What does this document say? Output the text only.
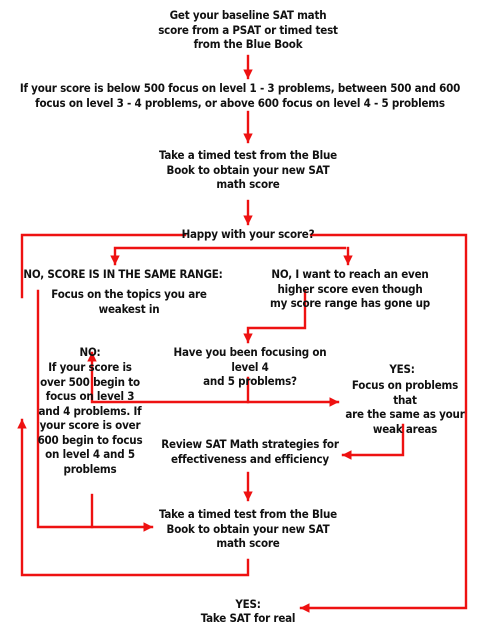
Get your baseline SAT math
score from a PSAT or timed test
from the Blue Book
If your score is below 500 focus on level 1 - 3 problems, between 500 and 600
focus on level 3 - 4 problems, or above 600 focus on level 4 - 5 problems
Take a timed test from the Blue
Book to obtain your new SAT
math score
Happy with your score?
NO, SCORE IS IN THE SAME RANGE:
Focus on the topics you are
weakest in
NO, I want to reach an even
higher score even though
my score range has gone up
Have you been focusing on level 4
and 5 problems?
NO:
If your score is
over 500 begin to
focus on level 3
and 4 problems. If
your score is over
600 begin to focus
on level 4 and 5
problems
YES:
Focus on problems that
are the same as your
weak areas
Review SAT Math strategies for
effectiveness and efficiency
Take a timed test from the Blue
Book to obtain your new SAT
math score
YES:
Take SAT for real
